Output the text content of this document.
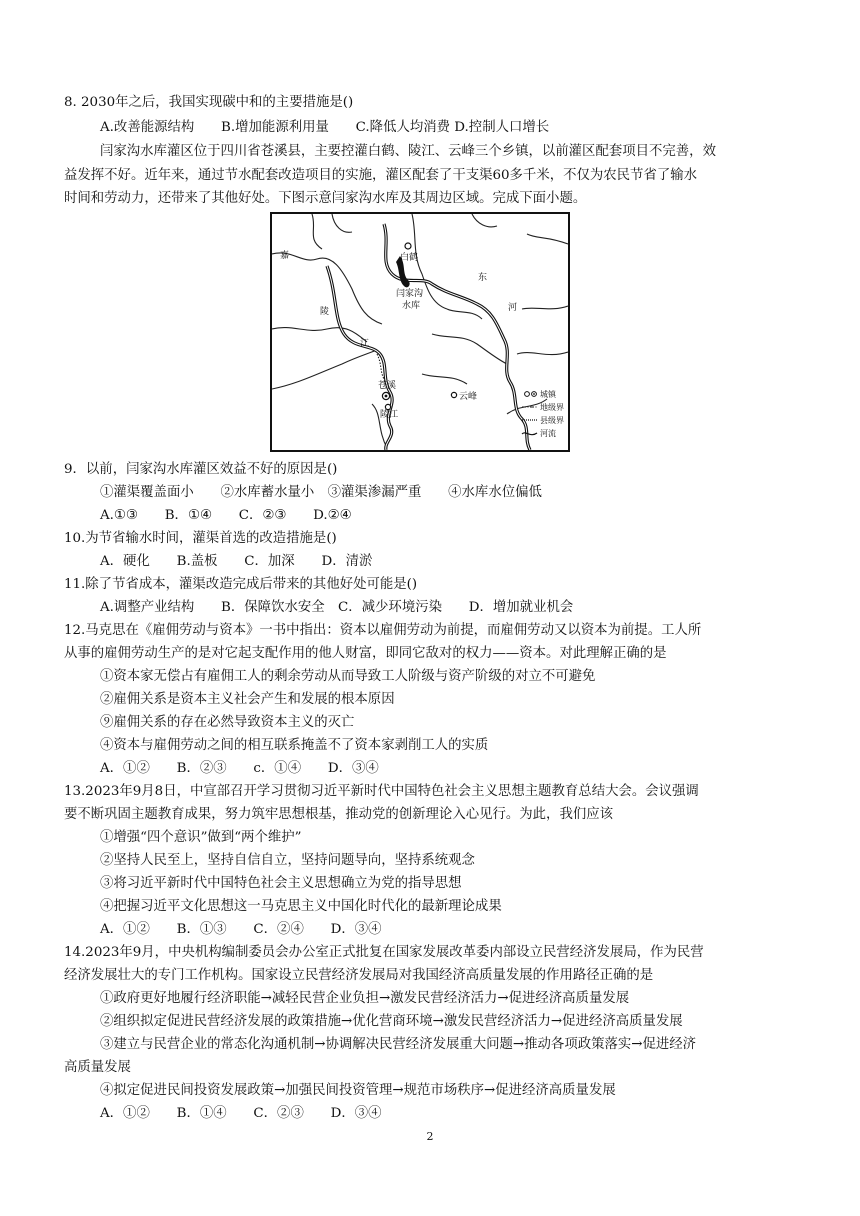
8. 2030年之后，我国实现碳中和的主要措施是()
A.改善能源结构　　B.增加能源利用量　　C.降低人均消费 D.控制人口增长
闫家沟水库灌区位于四川省苍溪县，主要控灌白鹤、陵江、云峰三个乡镇，以前灌区配套项目不完善，效
益发挥不好。近年来，通过节水配套改造项目的实施，灌区配套了干支渠60多千米，不仅为农民节省了输水
时间和劳动力，还带来了其他好处。下图示意闫家沟水库及其周边区域。完成下面小题。
白鹤
闫家沟
水库
陵
江
嘉
东
河
苍溪
陵江
云峰	城镇
地级界
县级界
河流
9．以前，闫家沟水库灌区效益不好的原因是()
①灌渠覆盖面小　　②水库蓄水量小　③灌渠渗漏严重　　④水库水位偏低
A.①③　　B．①④　　C．②③　　D.②④
10.为节省输水时间，灌渠首选的改造措施是()
A．硬化　　B.盖板　　C．加深　　D．清淤
11.除了节省成本，灌渠改造完成后带来的其他好处可能是()
A.调整产业结构　　B．保障饮水安全　C．减少环境污染　　D．增加就业机会
12.马克思在《雇佣劳动与资本》一书中指出：资本以雇佣劳动为前提，而雇佣劳动又以资本为前提。工人所
从事的雇佣劳动生产的是对它起支配作用的他人财富，即同它敌对的权力——资本。对此理解正确的是
①资本家无偿占有雇佣工人的剩余劳动从而导致工人阶级与资产阶级的对立不可避免
②雇佣关系是资本主义社会产生和发展的根本原因
⑨雇佣关系的存在必然导致资本主义的灭亡
④资本与雇佣劳动之间的相互联系掩盖不了资本家剥削工人的实质
A．①②　　B．②③　　c．①④　　D．③④
13.2023年9月8日，中宣部召开学习贯彻习近平新时代中国特色社会主义思想主题教育总结大会。会议强调
要不断巩固主题教育成果，努力筑牢思想根基，推动党的创新理论入心见行。为此，我们应该
①增强“四个意识”做到“两个维护”
②坚持人民至上，坚持自信自立，坚持问题导向，坚持系统观念
③将习近平新时代中国特色社会主义思想确立为党的指导思想
④把握习近平文化思想这一马克思主义中国化时代化的最新理论成果
A．①②　　B．①③　　C．②④　　D．③④
14.2023年9月，中央机构编制委员会办公室正式批复在国家发展改革委内部设立民营经济发展局，作为民营
经济发展壮大的专门工作机构。国家设立民营经济发展局对我国经济高质量发展的作用路径正确的是
①政府更好地履行经济职能→减轻民营企业负担→激发民营经济活力→促进经济高质量发展
②组织拟定促进民营经济发展的政策措施→优化营商环境→激发民营经济活力→促进经济高质量发展
③建立与民营企业的常态化沟通机制→协调解决民营经济发展重大问题→推动各项政策落实→促进经济
高质量发展
④拟定促进民间投资发展政策→加强民间投资管理→规范市场秩序→促进经济高质量发展
A．①②　　B．①④　　C．②③　　D．③④
2
